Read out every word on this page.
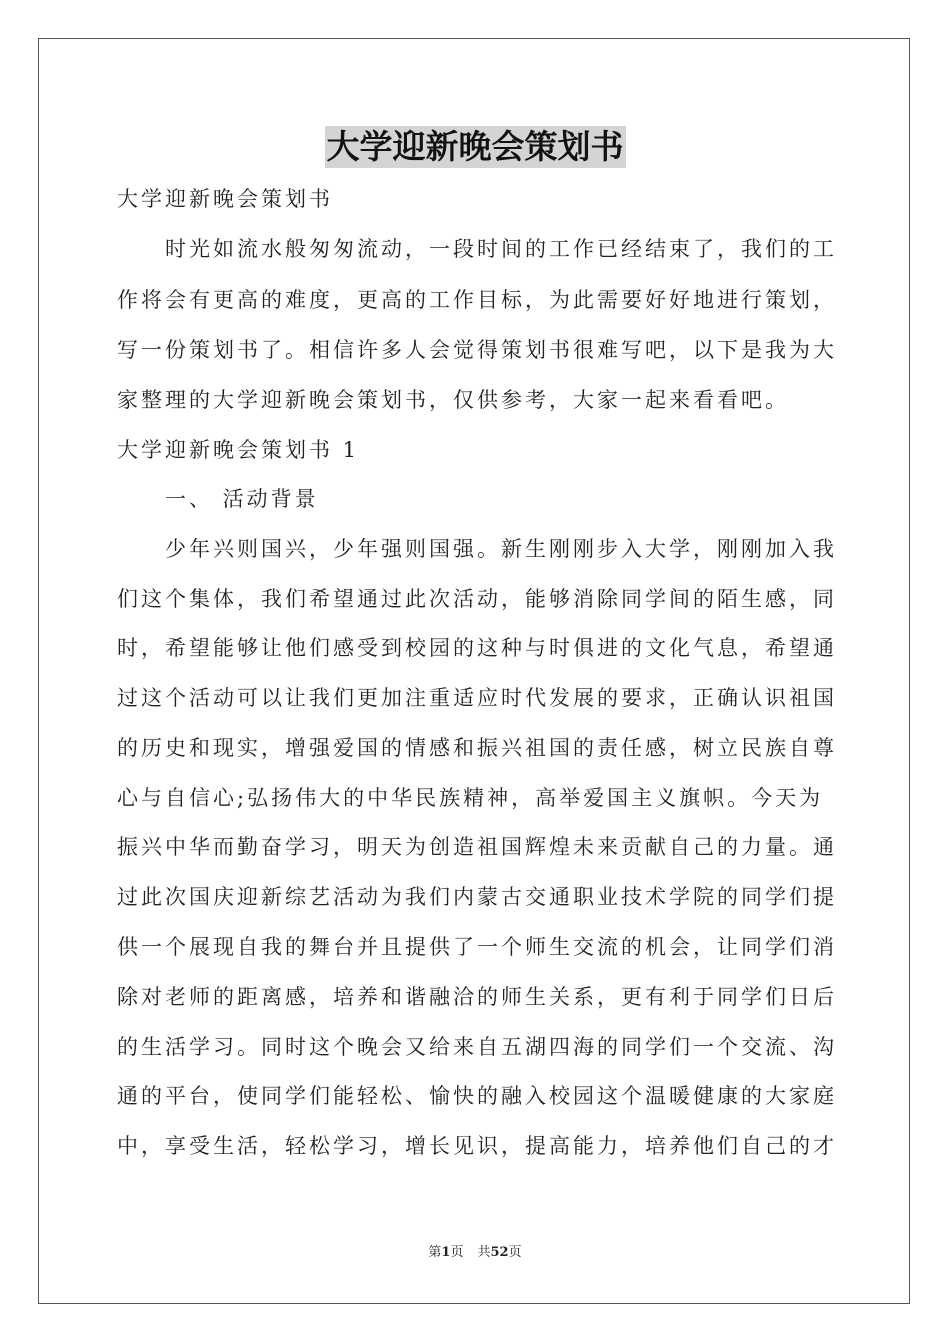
大学迎新晚会策划书
大学迎新晚会策划书
时光如流水般匆匆流动，一段时间的工作已经结束了，我们的工
作将会有更高的难度，更高的工作目标，为此需要好好地进行策划，
写一份策划书了。相信许多人会觉得策划书很难写吧，以下是我为大
家整理的大学迎新晚会策划书，仅供参考，大家一起来看看吧。
大学迎新晚会策划书 1
一、 活动背景
少年兴则国兴，少年强则国强。新生刚刚步入大学，刚刚加入我
们这个集体，我们希望通过此次活动，能够消除同学间的陌生感，同
时，希望能够让他们感受到校园的这种与时俱进的文化气息，希望通
过这个活动可以让我们更加注重适应时代发展的要求，正确认识祖国
的历史和现实，增强爱国的情感和振兴祖国的责任感，树立民族自尊
心与自信心;弘扬伟大的中华民族精神，高举爱国主义旗帜。今天为
振兴中华而勤奋学习，明天为创造祖国辉煌未来贡献自己的力量。通
过此次国庆迎新综艺活动为我们内蒙古交通职业技术学院的同学们提
供一个展现自我的舞台并且提供了一个师生交流的机会，让同学们消
除对老师的距离感，培养和谐融洽的师生关系，更有利于同学们日后
的生活学习。同时这个晚会又给来自五湖四海的同学们一个交流、沟
通的平台，使同学们能轻松、愉快的融入校园这个温暖健康的大家庭
中，享受生活，轻松学习，增长见识，提高能力，培养他们自己的才
第1页 共52页
